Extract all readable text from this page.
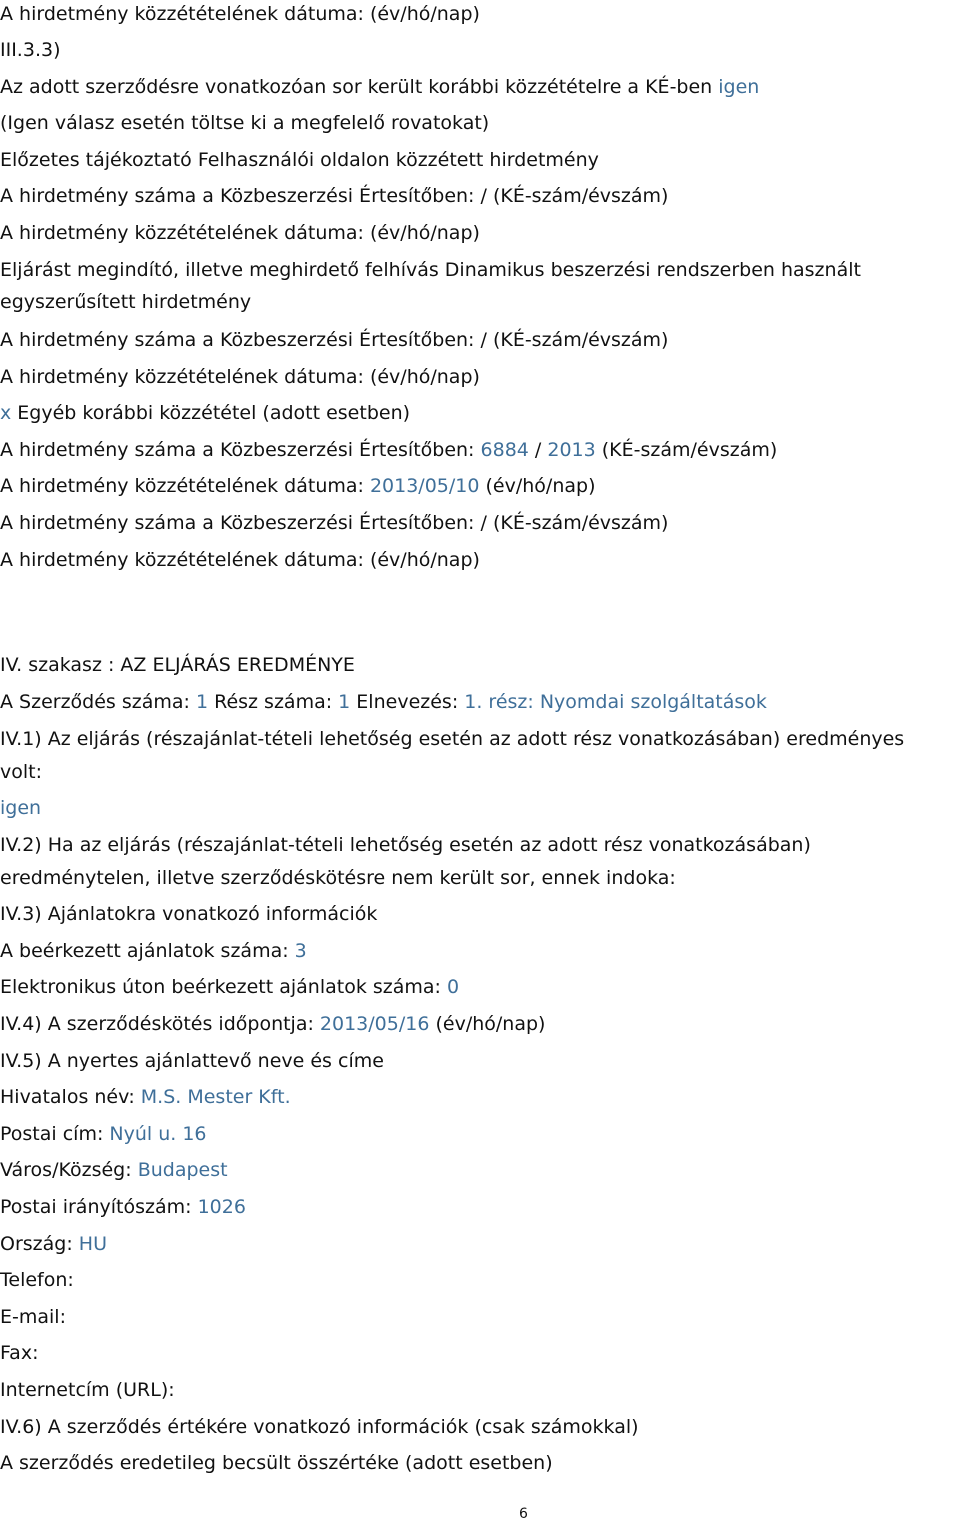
A hirdetmény közzétételének dátuma: (év/hó/nap)
III.3.3)
Az adott szerződésre vonatkozóan sor került korábbi közzétételre a KÉ-ben igen
(Igen válasz esetén töltse ki a megfelelő rovatokat)
Előzetes tájékoztató Felhasználói oldalon közzétett hirdetmény
A hirdetmény száma a Közbeszerzési Értesítőben: / (KÉ-szám/évszám)
A hirdetmény közzétételének dátuma: (év/hó/nap)
Eljárást megindító, illetve meghirdető felhívás Dinamikus beszerzési rendszerben használt
egyszerűsített hirdetmény
A hirdetmény száma a Közbeszerzési Értesítőben: / (KÉ-szám/évszám)
A hirdetmény közzétételének dátuma: (év/hó/nap)
x Egyéb korábbi közzététel (adott esetben)
A hirdetmény száma a Közbeszerzési Értesítőben: 6884 / 2013 (KÉ-szám/évszám)
A hirdetmény közzétételének dátuma: 2013/05/10 (év/hó/nap)
A hirdetmény száma a Közbeszerzési Értesítőben: / (KÉ-szám/évszám)
A hirdetmény közzétételének dátuma: (év/hó/nap)
IV. szakasz : AZ ELJÁRÁS EREDMÉNYE
A Szerződés száma: 1 Rész száma: 1 Elnevezés: 1. rész: Nyomdai szolgáltatások
IV.1) Az eljárás (részajánlat-tételi lehetőség esetén az adott rész vonatkozásában) eredményes
volt:
igen
IV.2) Ha az eljárás (részajánlat-tételi lehetőség esetén az adott rész vonatkozásában)
eredménytelen, illetve szerződéskötésre nem került sor, ennek indoka:
IV.3) Ajánlatokra vonatkozó információk
A beérkezett ajánlatok száma: 3
Elektronikus úton beérkezett ajánlatok száma: 0
IV.4) A szerződéskötés időpontja: 2013/05/16 (év/hó/nap)
IV.5) A nyertes ajánlattevő neve és címe
Hivatalos név: M.S. Mester Kft.
Postai cím: Nyúl u. 16
Város/Község: Budapest
Postai irányítószám: 1026
Ország: HU
Telefon:
E-mail:
Fax:
Internetcím (URL):
IV.6) A szerződés értékére vonatkozó információk (csak számokkal)
A szerződés eredetileg becsült összértéke (adott esetben)
6
